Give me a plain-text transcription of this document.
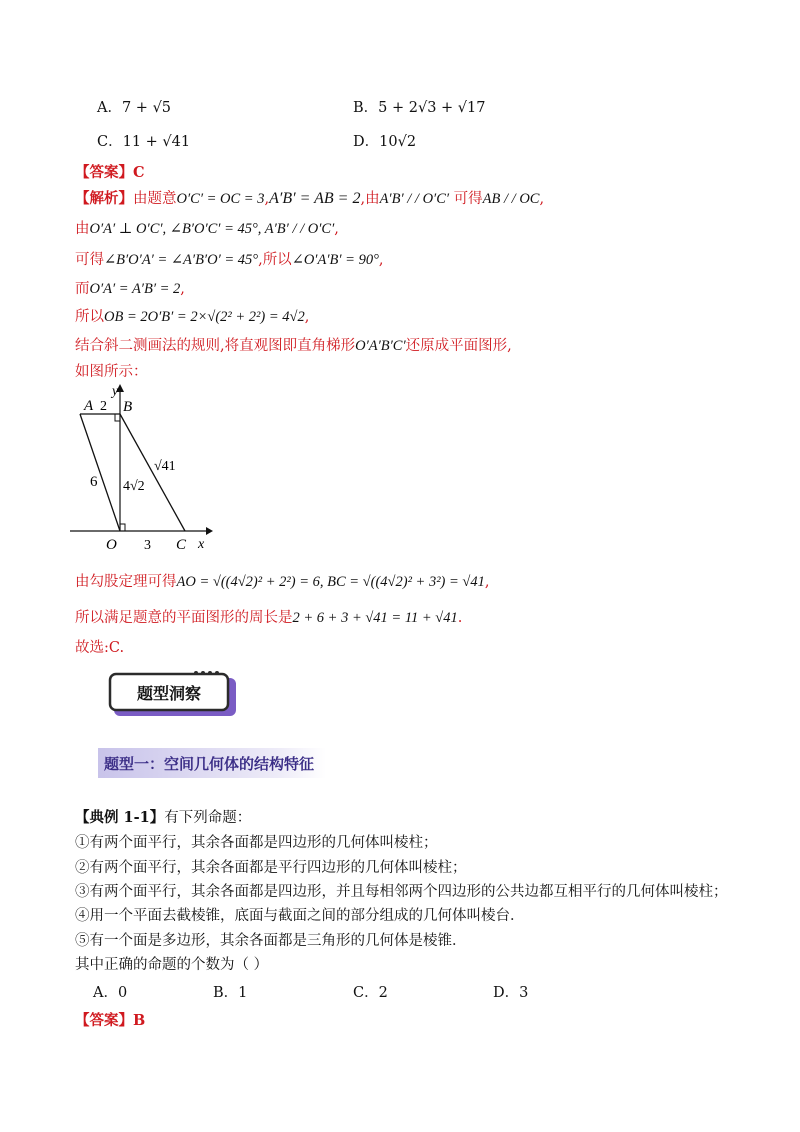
A．7 + √5	B．5 + 2√3 + √17
C．11 + √41	D．10√2
【答案】C
【解析】由题意O′C′ = OC = 3,A′B′ = AB = 2,由A′B′ / / O′C′ 可得AB / / OC,
由O′A′ ⊥ O′C′, ∠B′O′C′ = 45°, A′B′ / / O′C′,
可得∠B′O′A′ = ∠A′B′O′ = 45°,所以∠O′A′B′ = 90°,
而O′A′ = A′B′ = 2,
所以OB = 2O′B′ = 2×√(2² + 2²) = 4√2,
结合斜二测画法的规则,将直观图即直角梯形O′A′B′C′还原成平面图形,
如图所示：
A 2 B
y
6 4√2
√41
O 3 C x
由勾股定理可得AO = √((4√2)² + 2²) = 6, BC = √((4√2)² + 3²) = √41,
所以满足题意的平面图形的周长是2 + 6 + 3 + √41 = 11 + √41.
故选:C.
题型洞察
题型一：空间几何体的结构特征
【典例 1-1】有下列命题：
①有两个面平行，其余各面都是四边形的几何体叫棱柱；
②有两个面平行，其余各面都是平行四边形的几何体叫棱柱；
③有两个面平行，其余各面都是四边形，并且每相邻两个四边形的公共边都互相平行的几何体叫棱柱；
④用一个平面去截棱锥，底面与截面之间的部分组成的几何体叫棱台．
⑤有一个面是多边形，其余各面都是三角形的几何体是棱锥．
其中正确的命题的个数为（ ）
A．0	B．1	C．2	D．3
【答案】B
